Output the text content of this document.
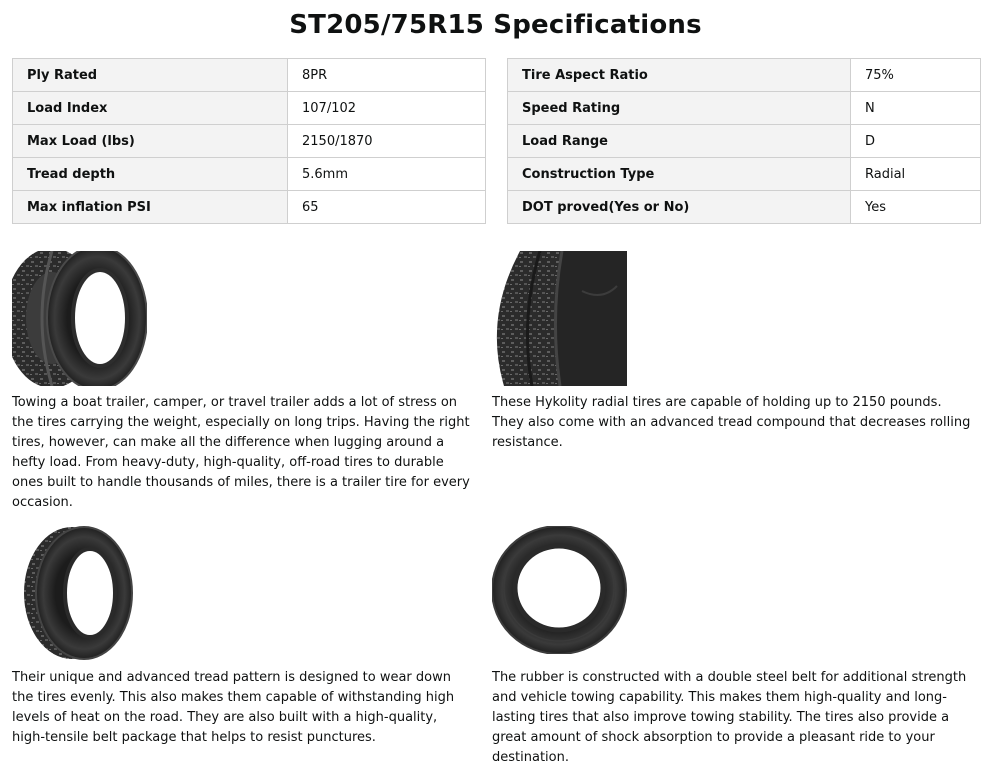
ST205/75R15 Specifications
Ply Rated	8PR
Load Index	107/102
Max Load (lbs)	2150/1870
Tread depth	5.6mm
Max inflation PSI	65
Tire Aspect Ratio	75%
Speed Rating	N
Load Range	D
Construction Type	Radial
DOT proved(Yes or No)	Yes
Towing a boat trailer, camper, or travel trailer adds a lot of stress on the tires carrying the weight, especially on long trips. Having the right tires, however, can make all the difference when lugging around a hefty load. From heavy-duty, high-quality, off-road tires to durable ones built to handle thousands of miles, there is a trailer tire for every occasion.
These Hykolity radial tires are capable of holding up to 2150 pounds. They also come with an advanced tread compound that decreases rolling resistance.
Their unique and advanced tread pattern is designed to wear down the tires evenly. This also makes them capable of withstanding high levels of heat on the road. They are also built with a high-quality, high-tensile belt package that helps to resist punctures.
The rubber is constructed with a double steel belt for additional strength and vehicle towing capability. This makes them high-quality and long-lasting tires that also improve towing stability. The tires also provide a great amount of shock absorption to provide a pleasant ride to your destination.
